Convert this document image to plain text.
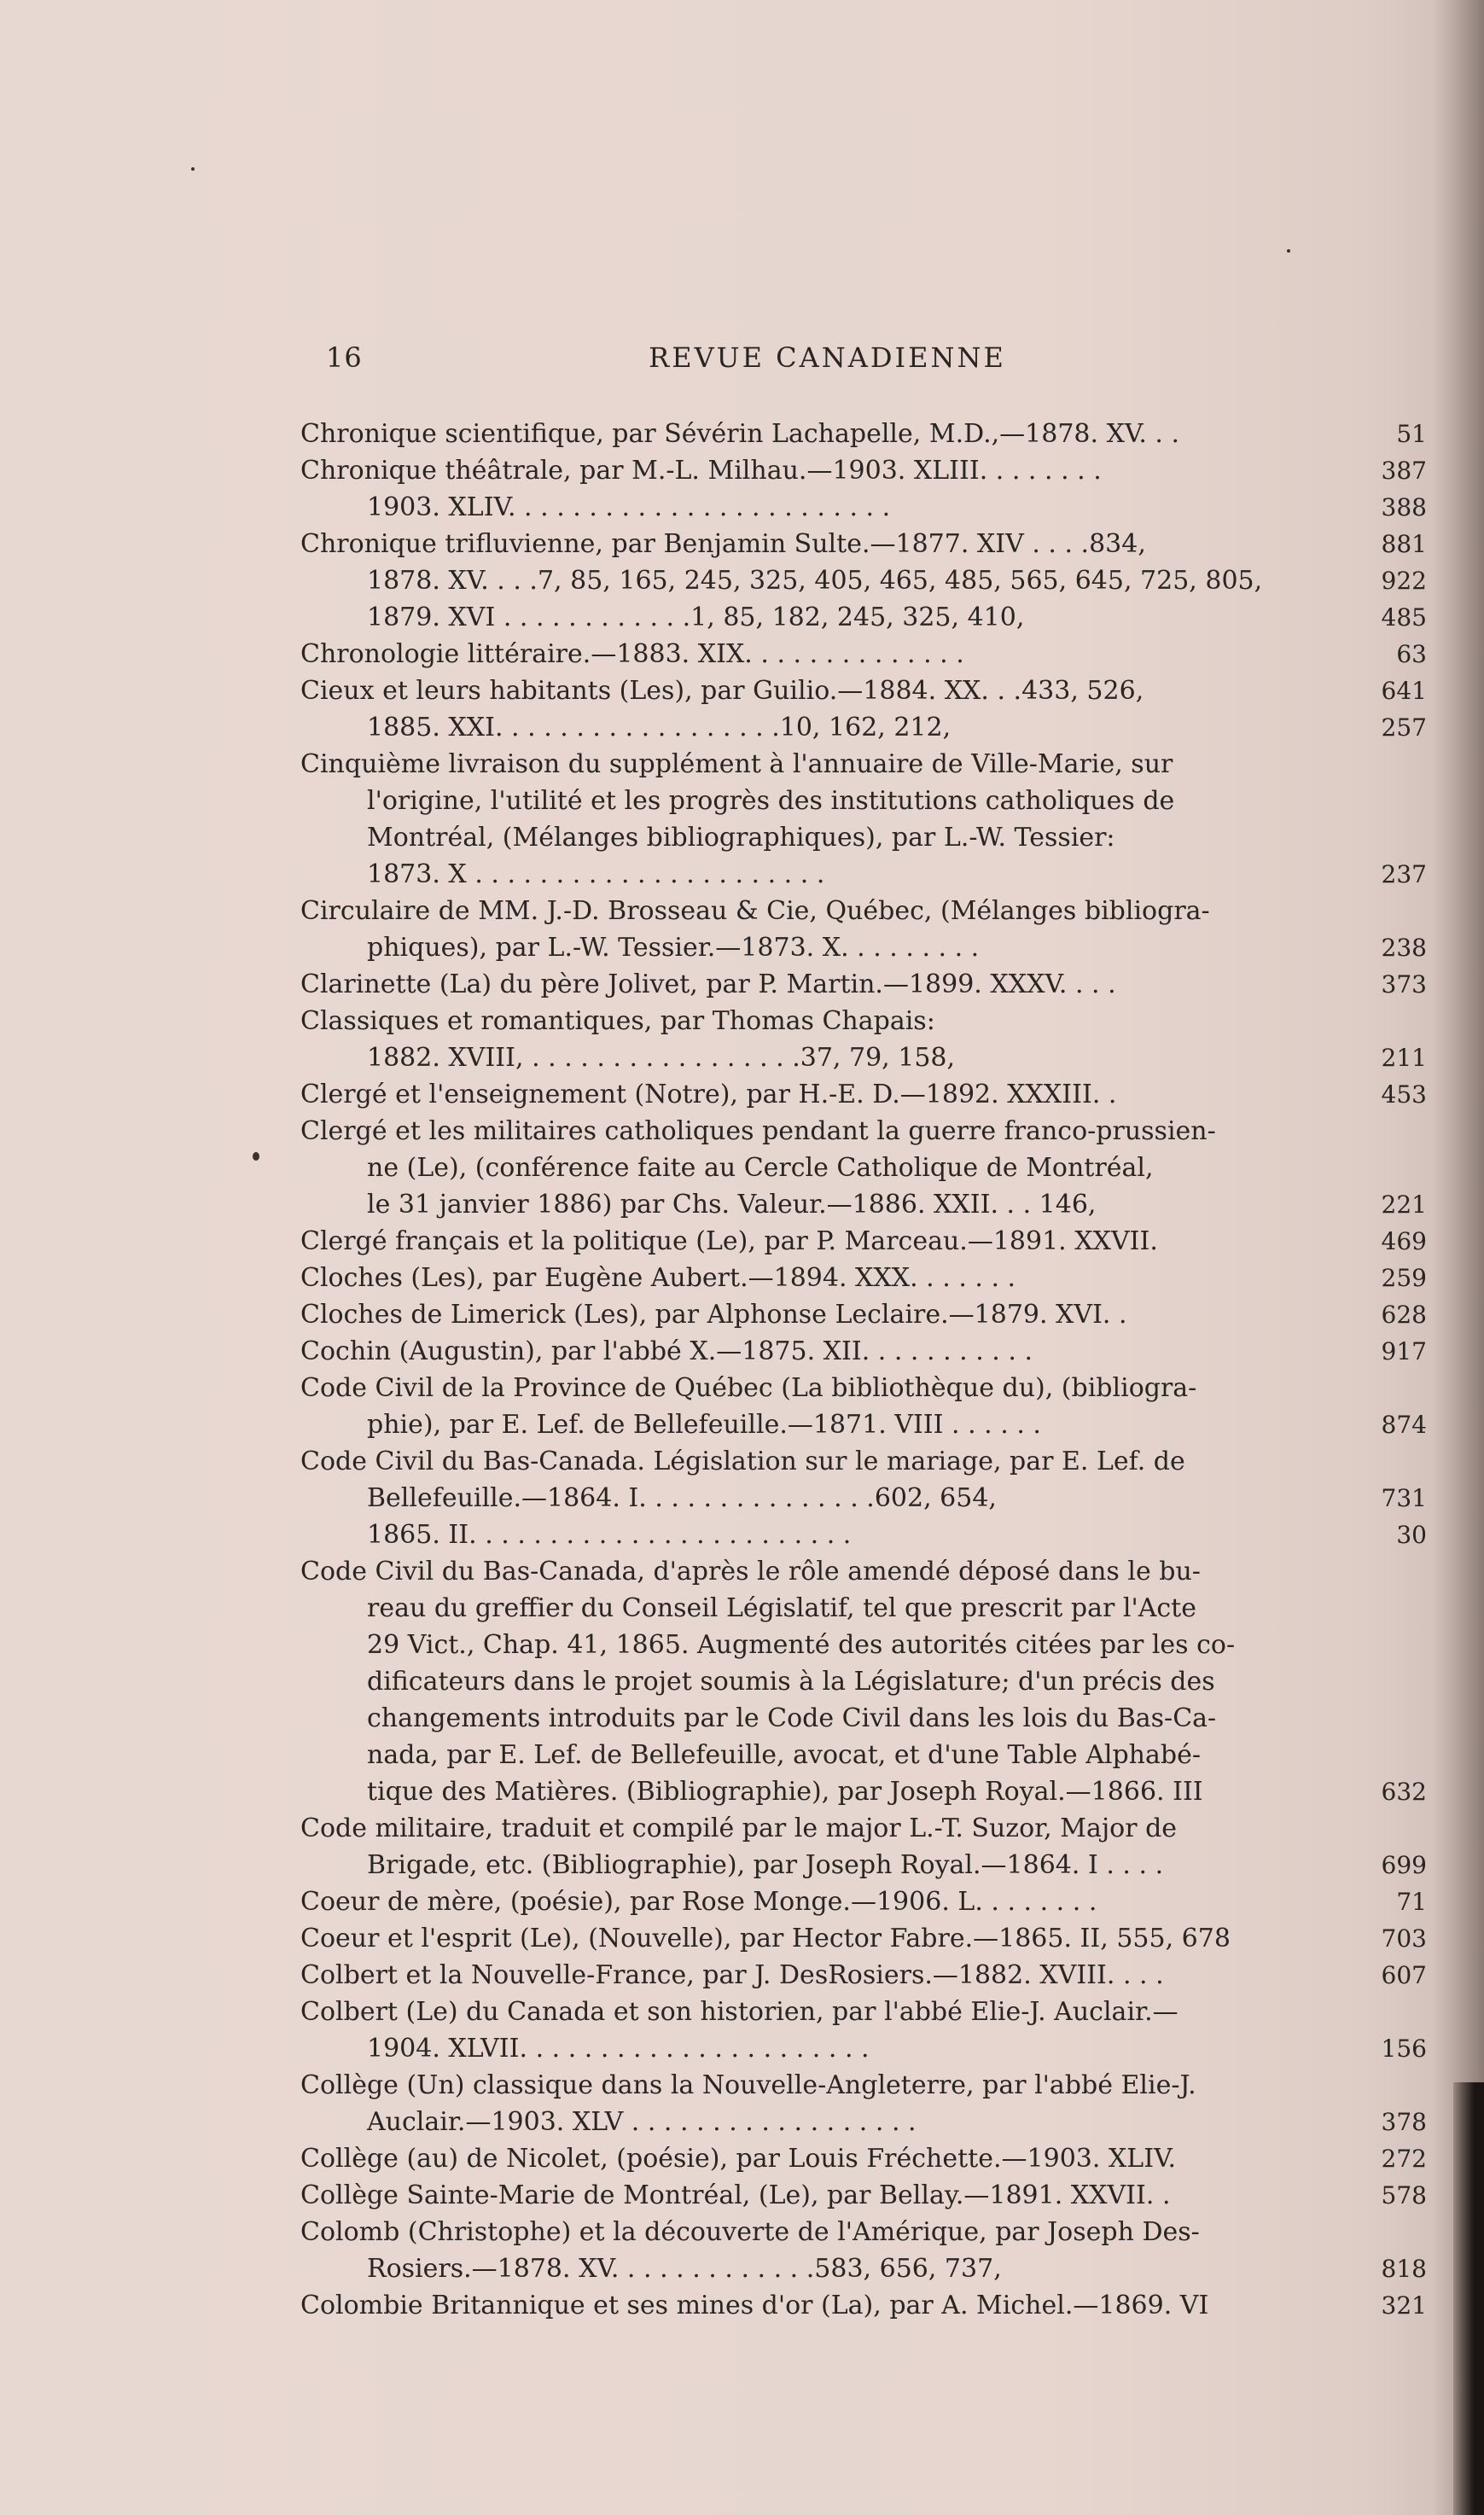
16	REVUE CANADIENNE
Chronique scientifique, par Sévérin Lachapelle, M.D.,—1878. XV. . .	51
Chronique théâtrale, par M.-L. Milhau.—1903. XLIII. . . . . . . .	387
1903. XLIV. . . . . . . . . . . . . . . . . . . . . . . .	388
Chronique trifluvienne, par Benjamin Sulte.—1877. XIV . . . .834,	881
1878. XV. . . .7, 85, 165, 245, 325, 405, 465, 485, 565, 645, 725, 805,	922
1879. XVI . . . . . . . . . . . .1, 85, 182, 245, 325, 410,	485
Chronologie littéraire.—1883. XIX. . . . . . . . . . . . . .	63
Cieux et leurs habitants (Les), par Guilio.—1884. XX. . .433, 526,	641
1885. XXI. . . . . . . . . . . . . . . . . .10, 162, 212,	257
Cinquième livraison du supplément à l'annuaire de Ville-Marie, sur
l'origine, l'utilité et les progrès des institutions catholiques de
Montréal, (Mélanges bibliographiques), par L.-W. Tessier:
1873. X . . . . . . . . . . . . . . . . . . . . . .	237
Circulaire de MM. J.-D. Brosseau & Cie, Québec, (Mélanges bibliogra-
phiques), par L.-W. Tessier.—1873. X. . . . . . . . .	238
Clarinette (La) du père Jolivet, par P. Martin.—1899. XXXV. . . .	373
Classiques et romantiques, par Thomas Chapais:
1882. XVIII, . . . . . . . . . . . . . . . . .37, 79, 158,	211
Clergé et l'enseignement (Notre), par H.-E. D.—1892. XXXIII. .	453
Clergé et les militaires catholiques pendant la guerre franco-prussien-
ne (Le), (conférence faite au Cercle Catholique de Montréal,
le 31 janvier 1886) par Chs. Valeur.—1886. XXII. . . 146,	221
Clergé français et la politique (Le), par P. Marceau.—1891. XXVII.	469
Cloches (Les), par Eugène Aubert.—1894. XXX. . . . . . .	259
Cloches de Limerick (Les), par Alphonse Leclaire.—1879. XVI. .	628
Cochin (Augustin), par l'abbé X.—1875. XII. . . . . . . . . . .	917
Code Civil de la Province de Québec (La bibliothèque du), (bibliogra-
phie), par E. Lef. de Bellefeuille.—1871. VIII . . . . . .	874
Code Civil du Bas-Canada. Législation sur le mariage, par E. Lef. de
Bellefeuille.—1864. I. . . . . . . . . . . . . . .602, 654,	731
1865. II. . . . . . . . . . . . . . . . . . . . . . . .	30
Code Civil du Bas-Canada, d'après le rôle amendé déposé dans le bu-
reau du greffier du Conseil Législatif, tel que prescrit par l'Acte
29 Vict., Chap. 41, 1865. Augmenté des autorités citées par les co-
dificateurs dans le projet soumis à la Législature; d'un précis des
changements introduits par le Code Civil dans les lois du Bas-Ca-
nada, par E. Lef. de Bellefeuille, avocat, et d'une Table Alphabé-
tique des Matières. (Bibliographie), par Joseph Royal.—1866. III	632
Code militaire, traduit et compilé par le major L.-T. Suzor, Major de
Brigade, etc. (Bibliographie), par Joseph Royal.—1864. I . . . .	699
Coeur de mère, (poésie), par Rose Monge.—1906. L. . . . . . . .	71
Coeur et l'esprit (Le), (Nouvelle), par Hector Fabre.—1865. II, 555, 678	703
Colbert et la Nouvelle-France, par J. DesRosiers.—1882. XVIII. . . .	607
Colbert (Le) du Canada et son historien, par l'abbé Elie-J. Auclair.—
1904. XLVII. . . . . . . . . . . . . . . . . . . . . .	156
Collège (Un) classique dans la Nouvelle-Angleterre, par l'abbé Elie-J.
Auclair.—1903. XLV . . . . . . . . . . . . . . . . . .	378
Collège (au) de Nicolet, (poésie), par Louis Fréchette.—1903. XLIV.	272
Collège Sainte-Marie de Montréal, (Le), par Bellay.—1891. XXVII. .	578
Colomb (Christophe) et la découverte de l'Amérique, par Joseph Des-
Rosiers.—1878. XV. . . . . . . . . . . . .583, 656, 737,	818
Colombie Britannique et ses mines d'or (La), par A. Michel.—1869. VI	321
